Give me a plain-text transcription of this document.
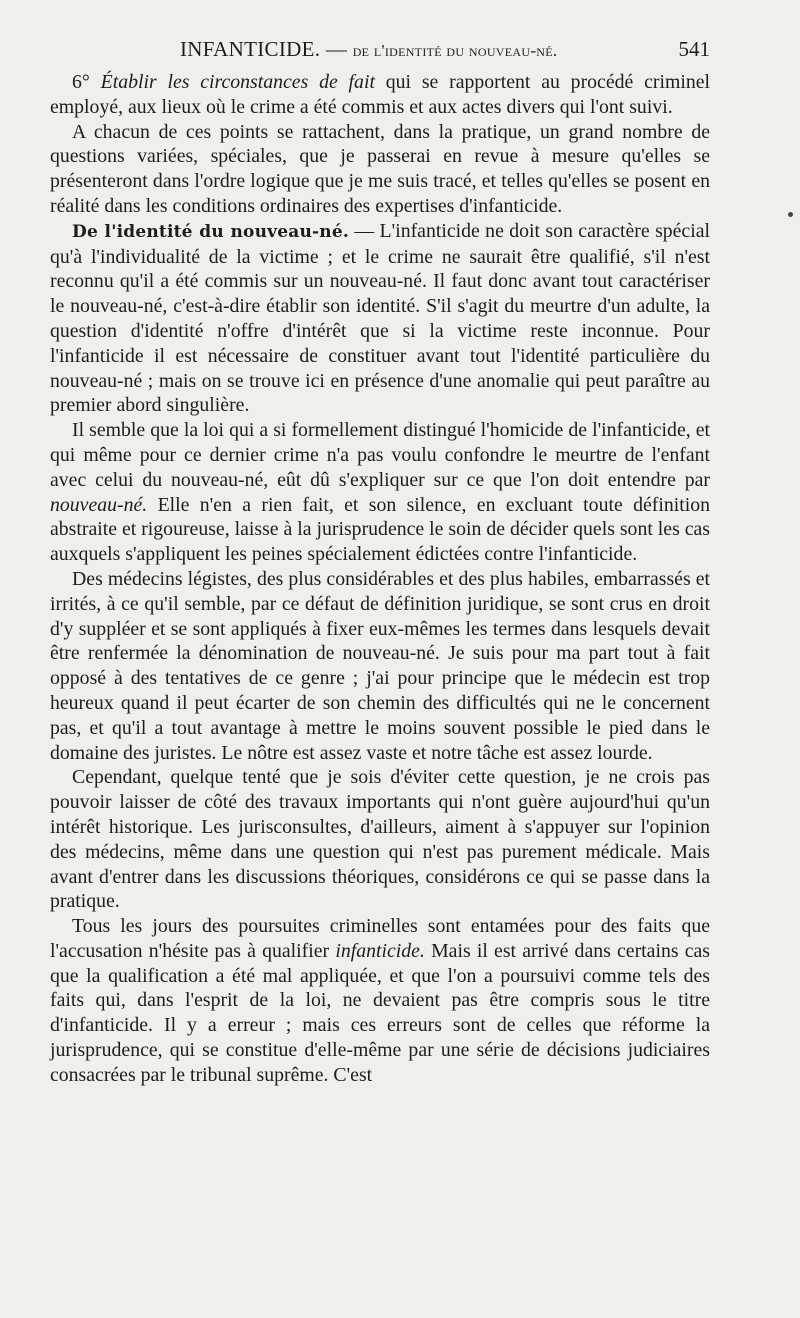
INFANTICIDE. — de l'identité du nouveau-né.	541

6° Établir les circonstances de fait qui se rapportent au procédé criminel employé, aux lieux où le crime a été commis et aux actes divers qui l'ont suivi.

A chacun de ces points se rattachent, dans la pratique, un grand nombre de questions variées, spéciales, que je passerai en revue à mesure qu'elles se présenteront dans l'ordre logique que je me suis tracé, et telles qu'elles se posent en réalité dans les conditions ordinaires des expertises d'infanticide.

De l'identité du nouveau-né. — L'infanticide ne doit son caractère spécial qu'à l'individualité de la victime ; et le crime ne saurait être qualifié, s'il n'est reconnu qu'il a été commis sur un nouveau-né. Il faut donc avant tout caractériser le nouveau-né, c'est-à-dire établir son identité. S'il s'agit du meurtre d'un adulte, la question d'identité n'offre d'intérêt que si la victime reste inconnue. Pour l'infanticide il est nécessaire de constituer avant tout l'identité particulière du nouveau-né ; mais on se trouve ici en présence d'une anomalie qui peut paraître au premier abord singulière.

Il semble que la loi qui a si formellement distingué l'homicide de l'infanticide, et qui même pour ce dernier crime n'a pas voulu confondre le meurtre de l'enfant avec celui du nouveau-né, eût dû s'expliquer sur ce que l'on doit entendre par nouveau-né. Elle n'en a rien fait, et son silence, en excluant toute définition abstraite et rigoureuse, laisse à la jurisprudence le soin de décider quels sont les cas auxquels s'appliquent les peines spécialement édictées contre l'infanticide.

Des médecins légistes, des plus considérables et des plus habiles, embarrassés et irrités, à ce qu'il semble, par ce défaut de définition juridique, se sont crus en droit d'y suppléer et se sont appliqués à fixer eux-mêmes les termes dans lesquels devait être renfermée la dénomination de nouveau-né. Je suis pour ma part tout à fait opposé à des tentatives de ce genre ; j'ai pour principe que le médecin est trop heureux quand il peut écarter de son chemin des difficultés qui ne le concernent pas, et qu'il a tout avantage à mettre le moins souvent possible le pied dans le domaine des juristes. Le nôtre est assez vaste et notre tâche est assez lourde.

Cependant, quelque tenté que je sois d'éviter cette question, je ne crois pas pouvoir laisser de côté des travaux importants qui n'ont guère aujourd'hui qu'un intérêt historique. Les jurisconsultes, d'ailleurs, aiment à s'appuyer sur l'opinion des médecins, même dans une question qui n'est pas purement médicale. Mais avant d'entrer dans les discussions théoriques, considérons ce qui se passe dans la pratique.

Tous les jours des poursuites criminelles sont entamées pour des faits que l'accusation n'hésite pas à qualifier infanticide. Mais il est arrivé dans certains cas que la qualification a été mal appliquée, et que l'on a poursuivi comme tels des faits qui, dans l'esprit de la loi, ne devaient pas être compris sous le titre d'infanticide. Il y a erreur ; mais ces erreurs sont de celles que réforme la jurisprudence, qui se constitue d'elle-même par une série de décisions judiciaires consacrées par le tribunal suprême. C'est
